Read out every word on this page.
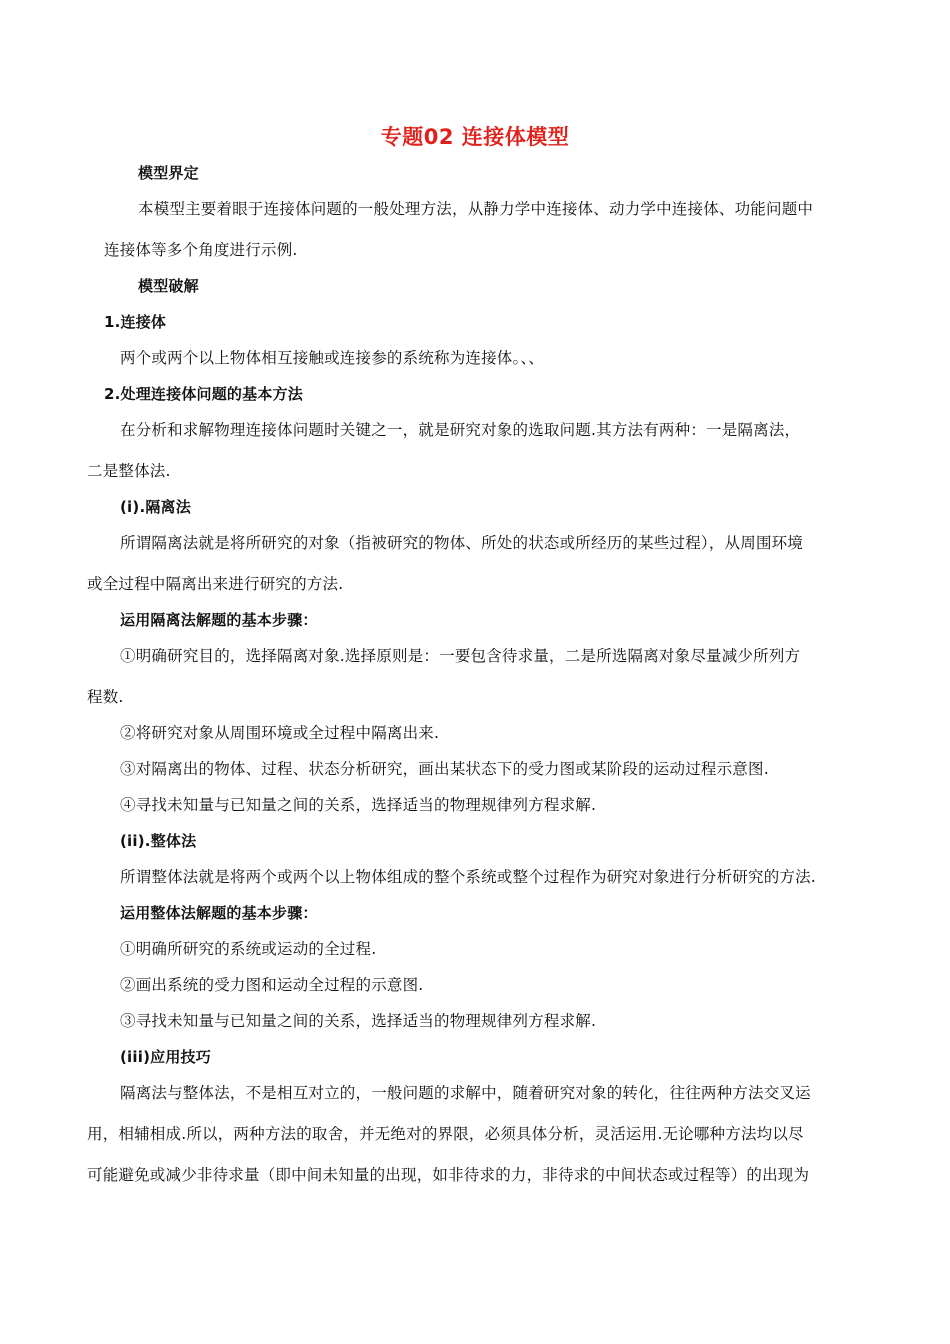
专题02 连接体模型
模型界定
本模型主要着眼于连接体问题的一般处理方法，从静力学中连接体、动力学中连接体、功能问题中
连接体等多个角度进行示例.
模型破解
1.连接体
两个或两个以上物体相互接触或连接参的系统称为连接体。、、
2.处理连接体问题的基本方法
在分析和求解物理连接体问题时关键之一，就是研究对象的选取问题.其方法有两种：一是隔离法，
二是整体法.
(i).隔离法
所谓隔离法就是将所研究的对象（指被研究的物体、所处的状态或所经历的某些过程），从周围环境
或全过程中隔离出来进行研究的方法.
运用隔离法解题的基本步骤：
①明确研究目的，选择隔离对象.选择原则是：一要包含待求量，二是所选隔离对象尽量减少所列方
程数.
②将研究对象从周围环境或全过程中隔离出来.
③对隔离出的物体、过程、状态分析研究，画出某状态下的受力图或某阶段的运动过程示意图.
④寻找未知量与已知量之间的关系，选择适当的物理规律列方程求解.
(ii).整体法
所谓整体法就是将两个或两个以上物体组成的整个系统或整个过程作为研究对象进行分析研究的方法.
运用整体法解题的基本步骤：
①明确所研究的系统或运动的全过程.
②画出系统的受力图和运动全过程的示意图.
③寻找未知量与已知量之间的关系，选择适当的物理规律列方程求解.
(iii)应用技巧
隔离法与整体法，不是相互对立的，一般问题的求解中，随着研究对象的转化，往往两种方法交叉运
用，相辅相成.所以，两种方法的取舍，并无绝对的界限，必须具体分析，灵活运用.无论哪种方法均以尽
可能避免或减少非待求量（即中间未知量的出现，如非待求的力，非待求的中间状态或过程等）的出现为
